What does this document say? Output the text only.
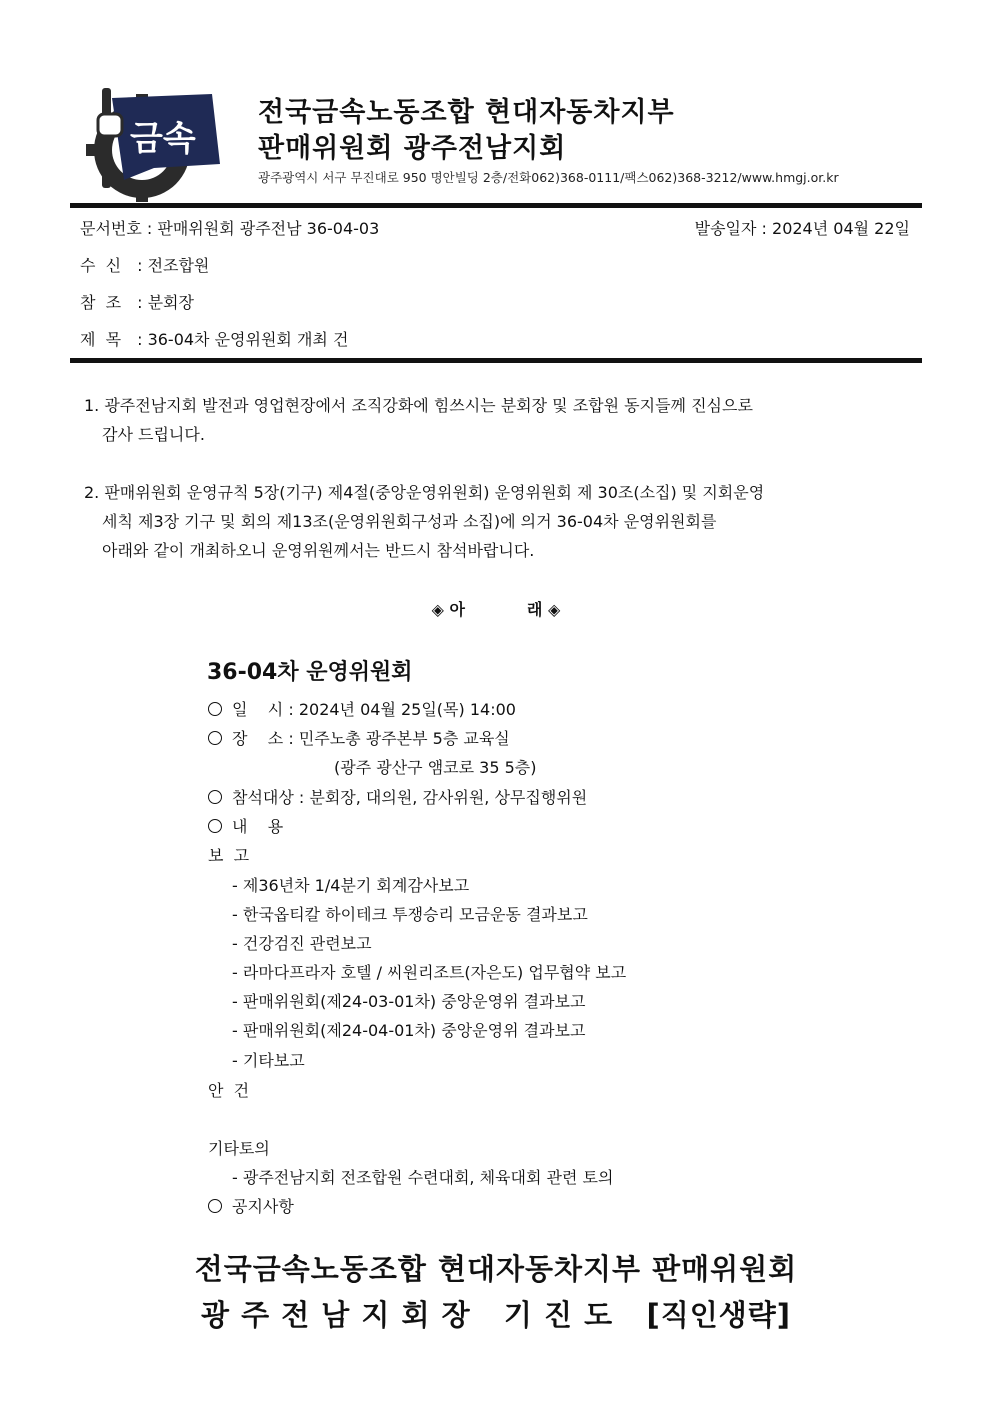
금속
전국금속노동조합 현대자동차지부
판매위원회 광주전남지회
광주광역시 서구 무진대로 950 명안빌딩 2층/전화062)368-0111/팩스062)368-3212/www.hmgj.or.kr
문서번호 : 판매위원회 광주전남 36-04-03	발송일자 : 2024년 04월 22일
수  신 : 전조합원
참  조 : 분회장
제  목 : 36-04차 운영위원회 개최 건
1. 광주전남지회 발전과 영업현장에서 조직강화에 힘쓰시는 분회장 및 조합원 동지들께 진심으로
감사 드립니다.
2. 판매위원회 운영규칙 5장(기구) 제4절(중앙운영위원회) 운영위원회 제 30조(소집) 및 지회운영
세칙 제3장 기구 및 회의 제13조(운영위원회구성과 소집)에 의거 36-04차 운영위원회를
아래와 같이 개최하오니 운영위원께서는 반드시 참석바랍니다.
◈ 아	래 ◈
36-04차 운영위원회
일    시 : 2024년 04월 25일(목) 14:00
장    소 : 민주노총 광주본부 5층 교육실
(광주 광산구 앰코로 35 5층)
참석대상 : 분회장, 대의원, 감사위원, 상무집행위원
내    용
보  고
- 제36년차 1/4분기 회계감사보고
- 한국옵티칼 하이테크 투쟁승리 모금운동 결과보고
- 건강검진 관련보고
- 라마다프라자 호텔 / 씨원리조트(자은도) 업무협약 보고
- 판매위원회(제24-03-01차) 중앙운영위 결과보고
- 판매위원회(제24-04-01차) 중앙운영위 결과보고
- 기타보고
안  건
기타토의
- 광주전남지회 전조합원 수련대회, 체육대회 관련 토의
공지사항
전국금속노동조합 현대자동차지부 판매위원회
광 주 전 남 지 회 장   기 진 도   [직인생략]
